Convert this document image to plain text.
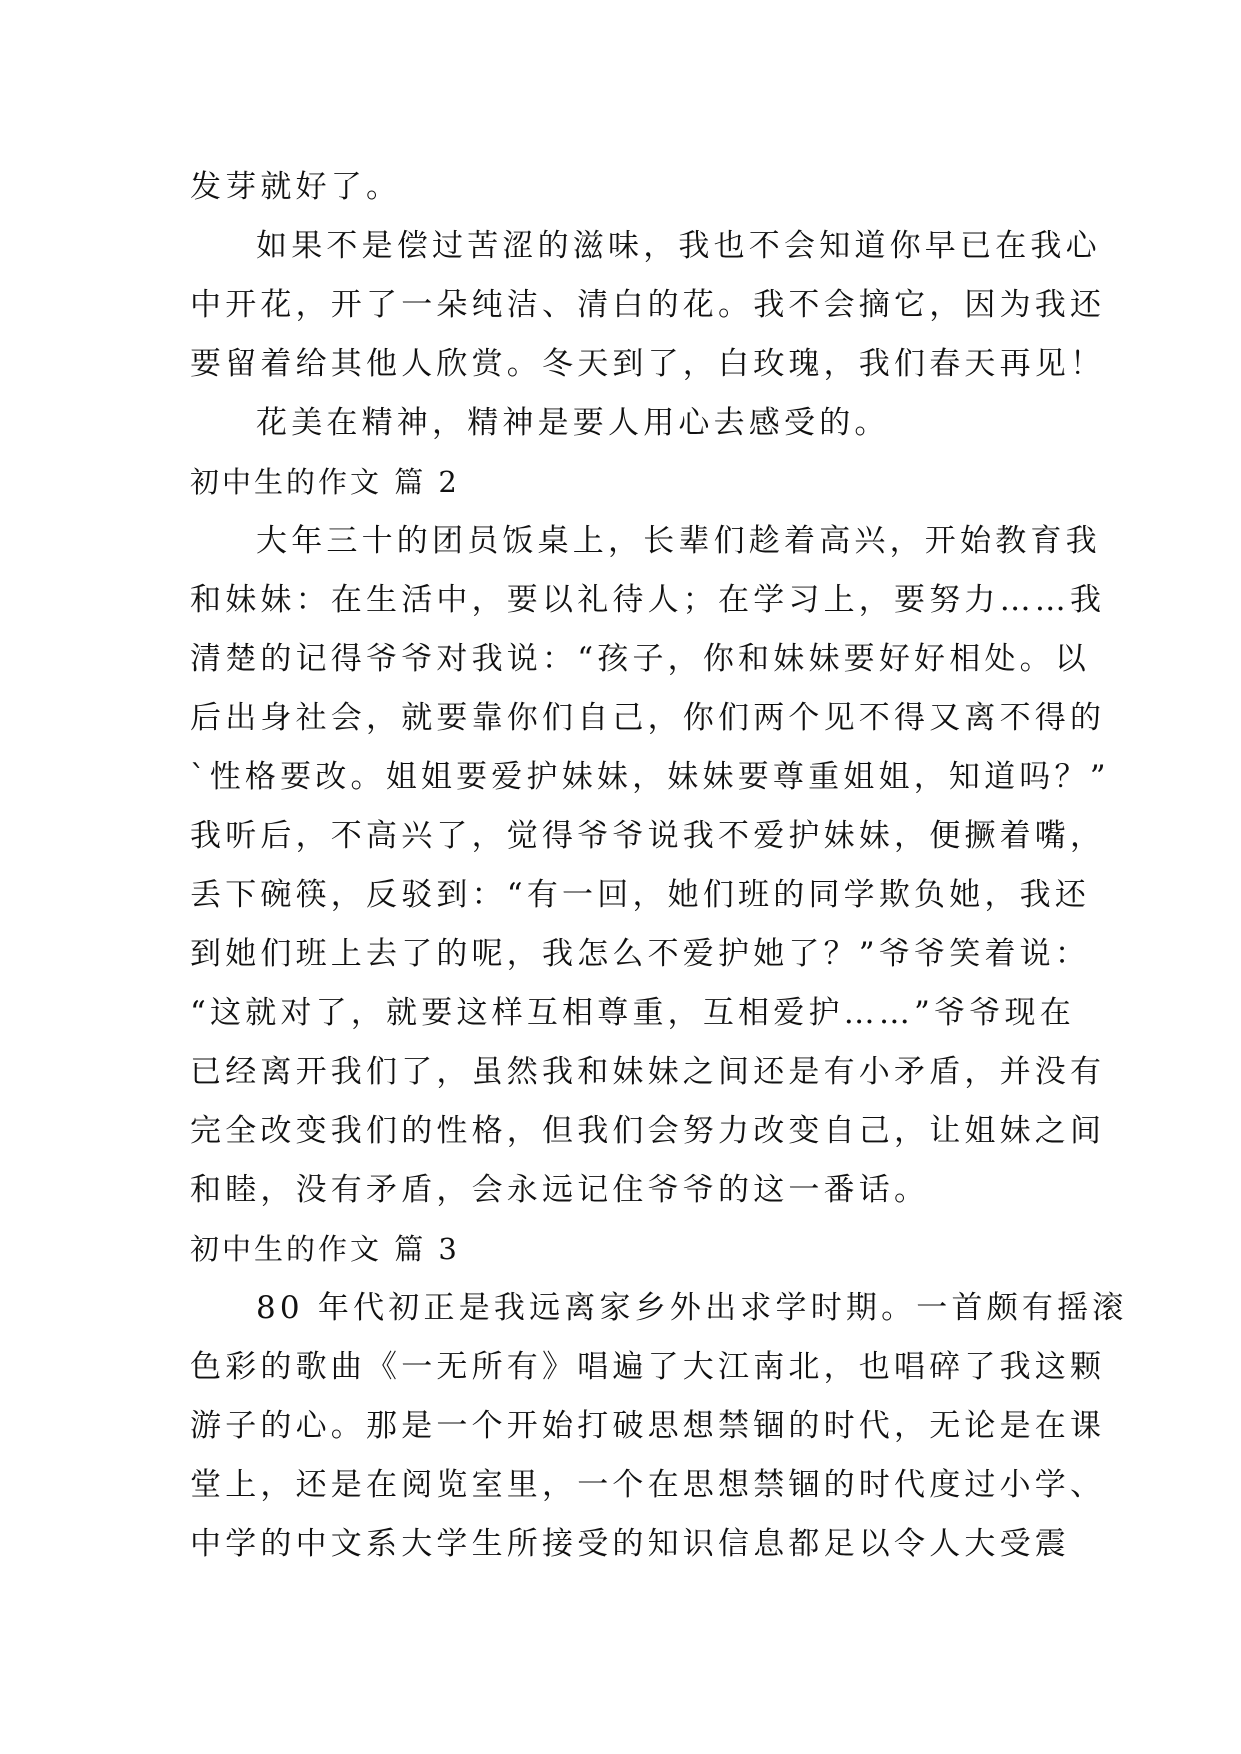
发芽就好了。
如果不是偿过苦涩的滋味，我也不会知道你早已在我心
中开花，开了一朵纯洁、清白的花。我不会摘它，因为我还
要留着给其他人欣赏。冬天到了，白玫瑰，我们春天再见！
花美在精神，精神是要人用心去感受的。
初中生的作文 篇 2
大年三十的团员饭桌上，长辈们趁着高兴，开始教育我
和妹妹：在生活中，要以礼待人；在学习上，要努力……我
清楚的记得爷爷对我说：“孩子，你和妹妹要好好相处。以
后出身社会，就要靠你们自己，你们两个见不得又离不得的
`性格要改。姐姐要爱护妹妹，妹妹要尊重姐姐，知道吗？”
我听后，不高兴了，觉得爷爷说我不爱护妹妹，便撅着嘴，
丢下碗筷，反驳到：“有一回，她们班的同学欺负她，我还
到她们班上去了的呢，我怎么不爱护她了？”爷爷笑着说：
“这就对了，就要这样互相尊重，互相爱护……”爷爷现在
已经离开我们了，虽然我和妹妹之间还是有小矛盾，并没有
完全改变我们的性格，但我们会努力改变自己，让姐妹之间
和睦，没有矛盾，会永远记住爷爷的这一番话。
初中生的作文 篇 3
80 年代初正是我远离家乡外出求学时期。一首颇有摇滚
色彩的歌曲《一无所有》唱遍了大江南北，也唱碎了我这颗
游子的心。那是一个开始打破思想禁锢的时代，无论是在课
堂上，还是在阅览室里，一个在思想禁锢的时代度过小学、
中学的中文系大学生所接受的知识信息都足以令人大受震
